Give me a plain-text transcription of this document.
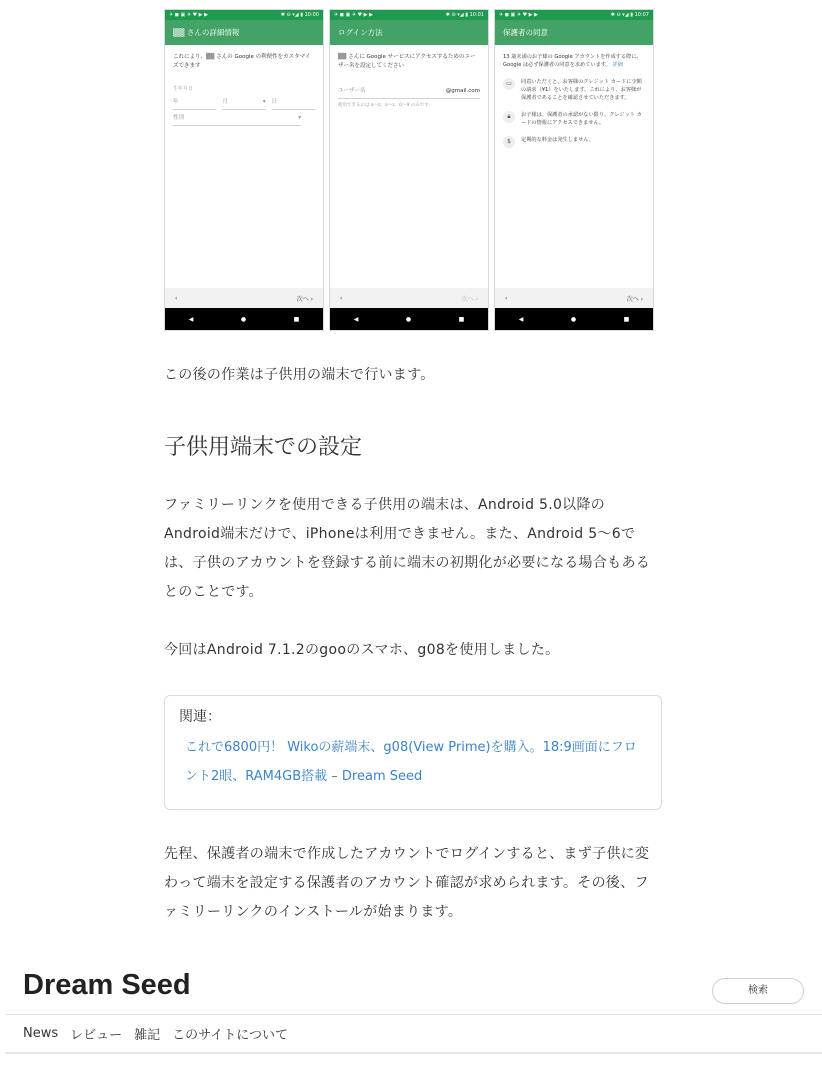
✈ ◼ ▣ ✈ ♥ ▶ ▶	✱ ⊖ ▾◢ ▮ 10:00
▒▒ さんの詳細情報
これにより、▒▒ さんの Google の利便性をカスタマイズできます
生年月日
年	月	▾ 日
性別	▾
‹	次へ ›
◀	●	■
✈ ◼ ▣ ✈ ♥ ▶ ▶	✱ ⊖ ▾◢ ▮ 10:01
ログイン方法
▒▒ さんに Google サービスにアクセスするためのユーザー名を設定してください
ユーザー名	@gmail.com
使用できるのは a〜z、a〜z、0〜9 のみです
‹	次へ ›
◀	●	■
✈ ◼ ▣ ✈ ♥ ▶ ▶	✱ ⊖ ▾◢ ▮ 10:07
保護者の同意
13 歳未満のお子様の Google アカウントを作成する際に、Google は必ず保護者の同意を求めています。 詳細
▭	同意いただくと、お客様のクレジット カードに少額の請求（¥1）をいたします。これにより、お客様が保護者であることを確認させていただきます。
🔒︎	お子様は、保護者の承認がない限り、クレジット カードの情報にアクセスできません。
$	定期的な料金は発生しません。
‹	次へ ›
◀	●	■

この後の作業は子供用の端末で行います。

子供用端末での設定

ファミリーリンクを使用できる子供用の端末は、Android 5.0以降のAndroid端末だけで、iPhoneは利用できません。また、Android 5〜6では、子供のアカウントを登録する前に端末の初期化が必要になる場合もあるとのことです。

今回はAndroid 7.1.2のgooのスマホ、g08を使用しました。

関連：
これで6800円！ Wikoの薪端末、g08(View Prime)を購入。18:9画面にフロント2眼、RAM4GB搭載 – Dream Seed

先程、保護者の端末で作成したアカウントでログインすると、まず子供に変わって端末を設定する保護者のアカウント確認が求められます。その後、ファミリーリンクのインストールが始まります。

Dream Seed	検索
News レビュー 雑記 このサイトについて
